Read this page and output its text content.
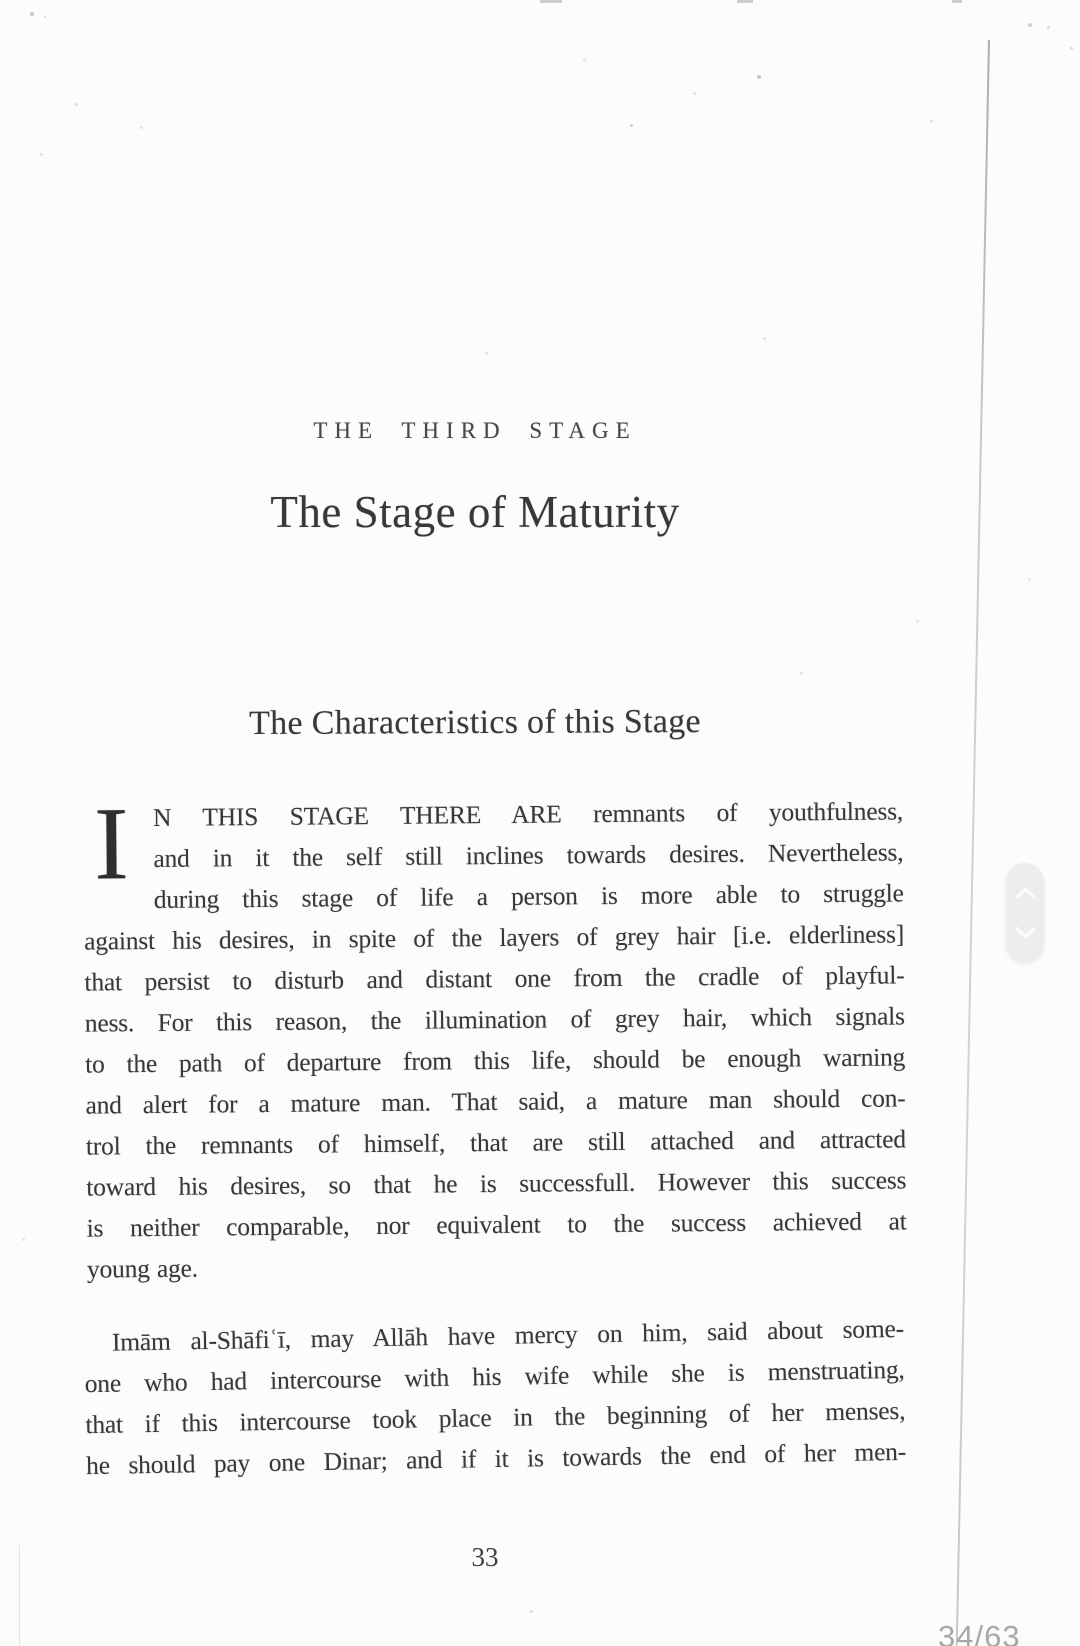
THE THIRD STAGE
The Stage of Maturity
The Characteristics of this Stage
I N THIS STAGE THERE ARE remnants of youthfulness,
and in it the self still inclines towards desires. Nevertheless,
during this stage of life a person is more able to struggle
against his desires, in spite of the layers of grey hair [i.e. elderliness]
that persist to disturb and distant one from the cradle of playful-
ness. For this reason, the illumination of grey hair, which signals
to the path of departure from this life, should be enough warning
and alert for a mature man. That said, a mature man should con-
trol the remnants of himself, that are still attached and attracted
toward his desires, so that he is successfull. However this success
is neither comparable, nor equivalent to the success achieved at
young age.
Imām al-Shāfiʿī, may Allāh have mercy on him, said about some-
one who had intercourse with his wife while she is menstruating,
that if this intercourse took place in the beginning of her menses,
he should pay one Dinar; and if it is towards the end of her men-
33
34/63
